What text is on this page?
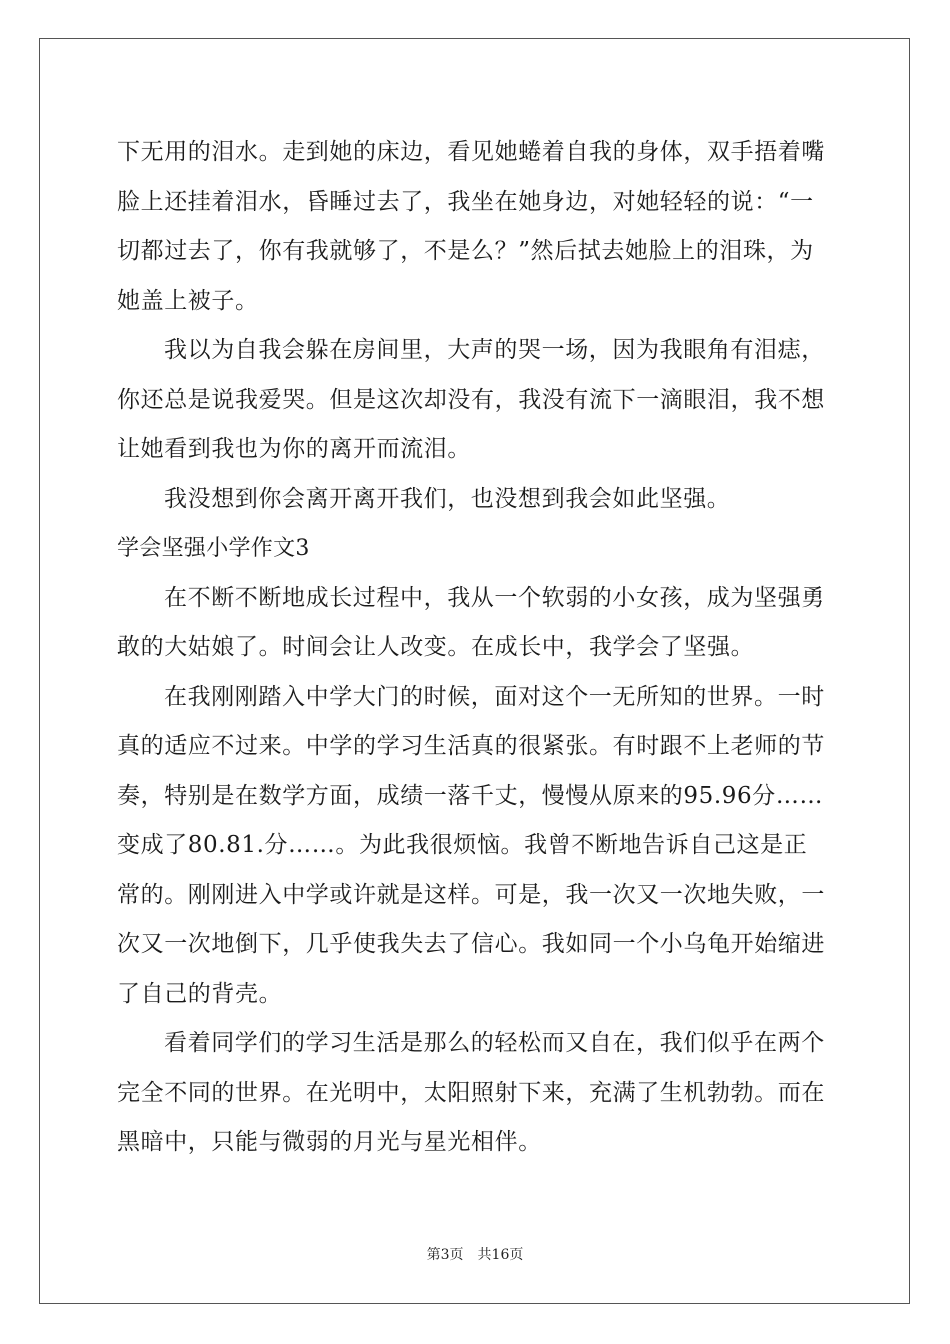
下无用的泪水。走到她的床边，看见她蜷着自我的身体，双手捂着嘴
脸上还挂着泪水，昏睡过去了，我坐在她身边，对她轻轻的说：“一
切都过去了，你有我就够了，不是么？”然后拭去她脸上的泪珠，为
她盖上被子。
我以为自我会躲在房间里，大声的哭一场，因为我眼角有泪痣，
你还总是说我爱哭。但是这次却没有，我没有流下一滴眼泪，我不想
让她看到我也为你的离开而流泪。
我没想到你会离开离开我们，也没想到我会如此坚强。
学会坚强小学作文3
在不断不断地成长过程中，我从一个软弱的小女孩，成为坚强勇
敢的大姑娘了。时间会让人改变。在成长中，我学会了坚强。
在我刚刚踏入中学大门的时候，面对这个一无所知的世界。一时
真的适应不过来。中学的学习生活真的很紧张。有时跟不上老师的节
奏，特别是在数学方面，成绩一落千丈，慢慢从原来的95.96分……
变成了80.81.分……。为此我很烦恼。我曾不断地告诉自己这是正
常的。刚刚进入中学或许就是这样。可是，我一次又一次地失败，一
次又一次地倒下，几乎使我失去了信心。我如同一个小乌龟开始缩进
了自己的背壳。
看着同学们的学习生活是那么的轻松而又自在，我们似乎在两个
完全不同的世界。在光明中，太阳照射下来，充满了生机勃勃。而在
黑暗中，只能与微弱的月光与星光相伴。
第3页 共16页
